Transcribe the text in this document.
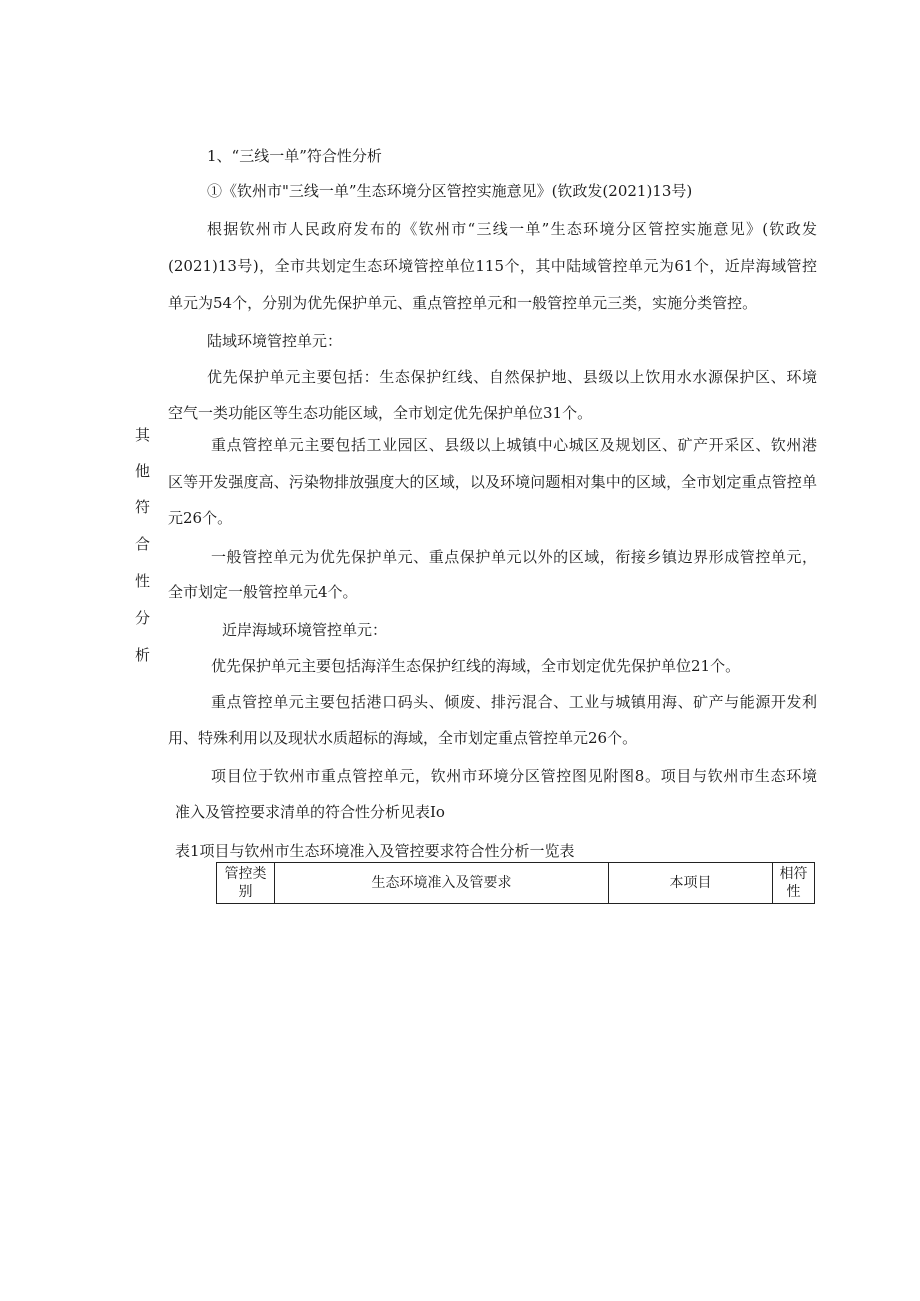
1、“三线一单”符合性分析

①《钦州市"三线一单”生态环境分区管控实施意见》(钦政发(2021)13号)

根据钦州市人民政府发布的《钦州市“三线一单”生态环境分区管控实施意见》(钦政发

(2021)13号)，全市共划定生态环境管控单位115个，其中陆域管控单元为61个，近岸海域管控

单元为54个，分别为优先保护单元、重点管控单元和一般管控单元三类，实施分类管控。

陆域环境管控单元：

优先保护单元主要包括：生态保护红线、自然保护地、县级以上饮用水水源保护区、环境

空气一类功能区等生态功能区域，全市划定优先保护单位31个。

其
他
符
合
性
分
析

重点管控单元主要包括工业园区、县级以上城镇中心城区及规划区、矿产开采区、钦州港

区等开发强度高、污染物排放强度大的区域，以及环境问题相对集中的区域，全市划定重点管控单

元26个。

一般管控单元为优先保护单元、重点保护单元以外的区域，衔接乡镇边界形成管控单元，

全市划定一般管控单元4个。

近岸海域环境管控单元：

优先保护单元主要包括海洋生态保护红线的海域，全市划定优先保护单位21个。

重点管控单元主要包括港口码头、倾废、排污混合、工业与城镇用海、矿产与能源开发利

用、特殊利用以及现状水质超标的海域，全市划定重点管控单元26个。

项目位于钦州市重点管控单元，钦州市环境分区管控图见附图8。项目与钦州市生态环境

准入及管控要求清单的符合性分析见表Io

表1项目与钦州市生态环境准入及管控要求符合性分析一览表

管控类别	生态环境准入及管要求	本项目	相符性
